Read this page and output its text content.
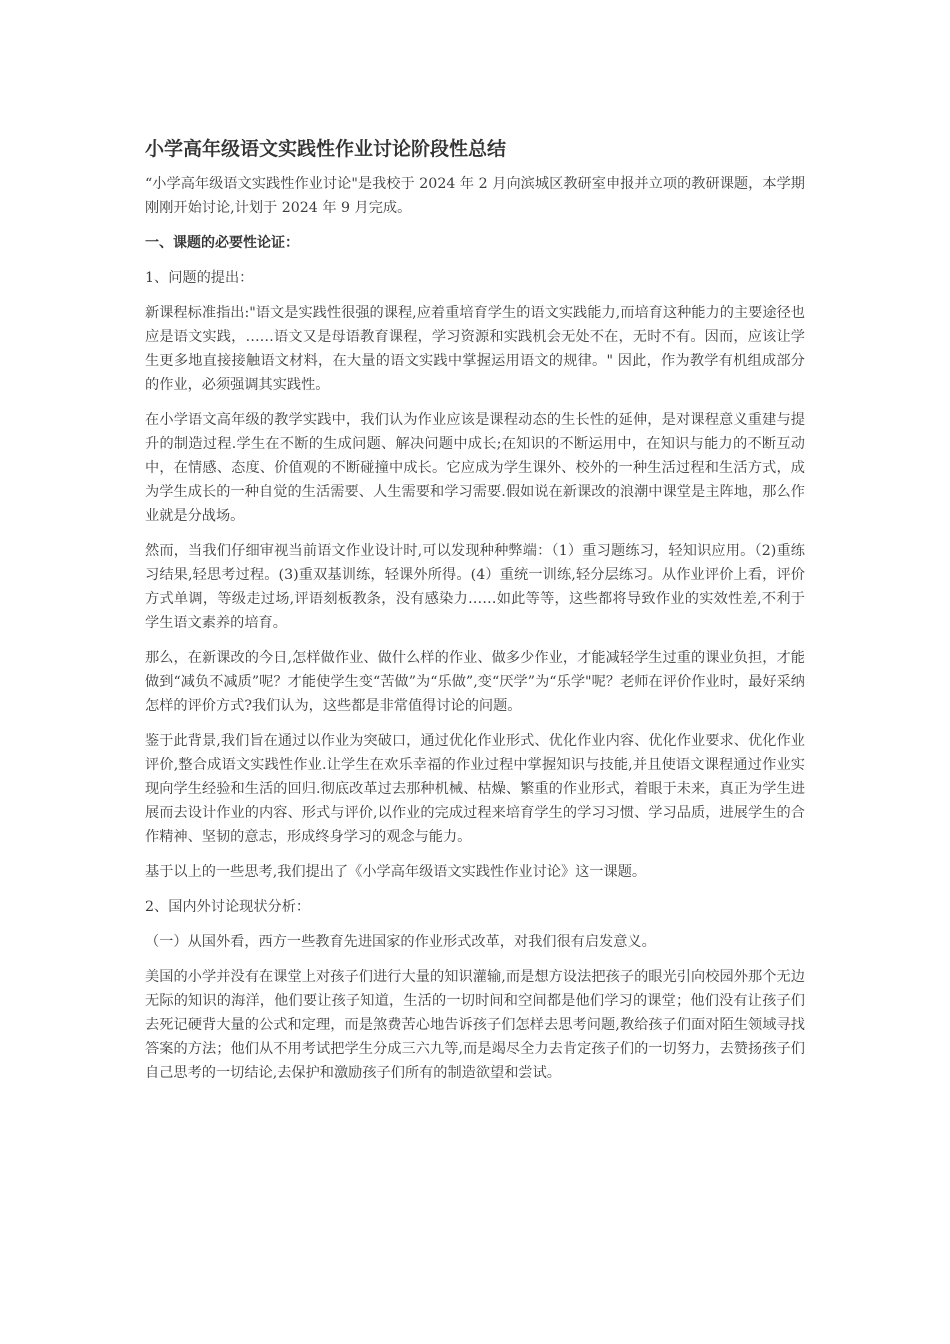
小学高年级语文实践性作业讨论阶段性总结

“小学高年级语文实践性作业讨论"是我校于 2024 年 2 月向滨城区教研室申报并立项的教研课题，本学期刚刚开始讨论,计划于 2024 年 9 月完成。

一、课题的必要性论证：

1、问题的提出：

新课程标准指出:"语文是实践性很强的课程,应着重培育学生的语文实践能力,而培育这种能力的主要途径也应是语文实践，……语文又是母语教育课程，学习资源和实践机会无处不在，无时不有。因而，应该让学生更多地直接接触语文材料，在大量的语文实践中掌握运用语文的规律。" 因此，作为教学有机组成部分的作业，必须强调其实践性。

在小学语文高年级的教学实践中，我们认为作业应该是课程动态的生长性的延伸，是对课程意义重建与提升的制造过程.学生在不断的生成问题、解决问题中成长;在知识的不断运用中，在知识与能力的不断互动中，在情感、态度、价值观的不断碰撞中成长。它应成为学生课外、校外的一种生活过程和生活方式，成为学生成长的一种自觉的生活需要、人生需要和学习需要.假如说在新课改的浪潮中课堂是主阵地，那么作业就是分战场。

然而，当我们仔细审视当前语文作业设计时,可以发现种种弊端：（1）重习题练习，轻知识应用。（2)重练习结果,轻思考过程。(3)重双基训练，轻课外所得。(4）重统一训练,轻分层练习。从作业评价上看，评价方式单调，等级走过场,评语刻板教条，没有感染力……如此等等，这些都将导致作业的实效性差,不利于学生语文素养的培育。

那么，在新课改的今日,怎样做作业、做什么样的作业、做多少作业，才能减轻学生过重的课业负担，才能做到“减负不减质”呢？才能使学生变“苦做”为“乐做”,变“厌学”为“乐学"呢？老师在评价作业时，最好采纳怎样的评价方式?我们认为，这些都是非常值得讨论的问题。

鉴于此背景,我们旨在通过以作业为突破口，通过优化作业形式、优化作业内容、优化作业要求、优化作业评价,整合成语文实践性作业.让学生在欢乐幸福的作业过程中掌握知识与技能,并且使语文课程通过作业实现向学生经验和生活的回归.彻底改革过去那种机械、枯燥、繁重的作业形式，着眼于未来，真正为学生进展而去设计作业的内容、形式与评价,以作业的完成过程来培育学生的学习习惯、学习品质，进展学生的合作精神、坚韧的意志，形成终身学习的观念与能力。

基于以上的一些思考,我们提出了《小学高年级语文实践性作业讨论》这一课题。

2、国内外讨论现状分析：

（一）从国外看，西方一些教育先进国家的作业形式改革，对我们很有启发意义。

美国的小学并没有在课堂上对孩子们进行大量的知识灌输,而是想方设法把孩子的眼光引向校园外那个无边无际的知识的海洋，他们要让孩子知道，生活的一切时间和空间都是他们学习的课堂；他们没有让孩子们去死记硬背大量的公式和定理，而是煞费苦心地告诉孩子们怎样去思考问题,教给孩子们面对陌生领域寻找答案的方法；他们从不用考试把学生分成三六九等,而是竭尽全力去肯定孩子们的一切努力，去赞扬孩子们自己思考的一切结论,去保护和激励孩子们所有的制造欲望和尝试。
